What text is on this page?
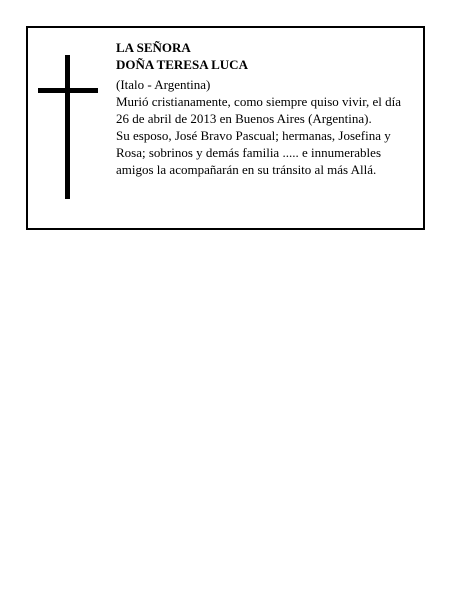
LA SEÑORA
DOÑA TERESA LUCA
(Italo - Argentina)
Murió cristianamente, como siempre quiso vivir, el día
26 de abril de 2013 en Buenos Aires (Argentina).
Su esposo, José Bravo Pascual; hermanas, Josefina y
Rosa; sobrinos y demás familia ..... e innumerables
amigos la acompañarán en su tránsito al más Allá.
